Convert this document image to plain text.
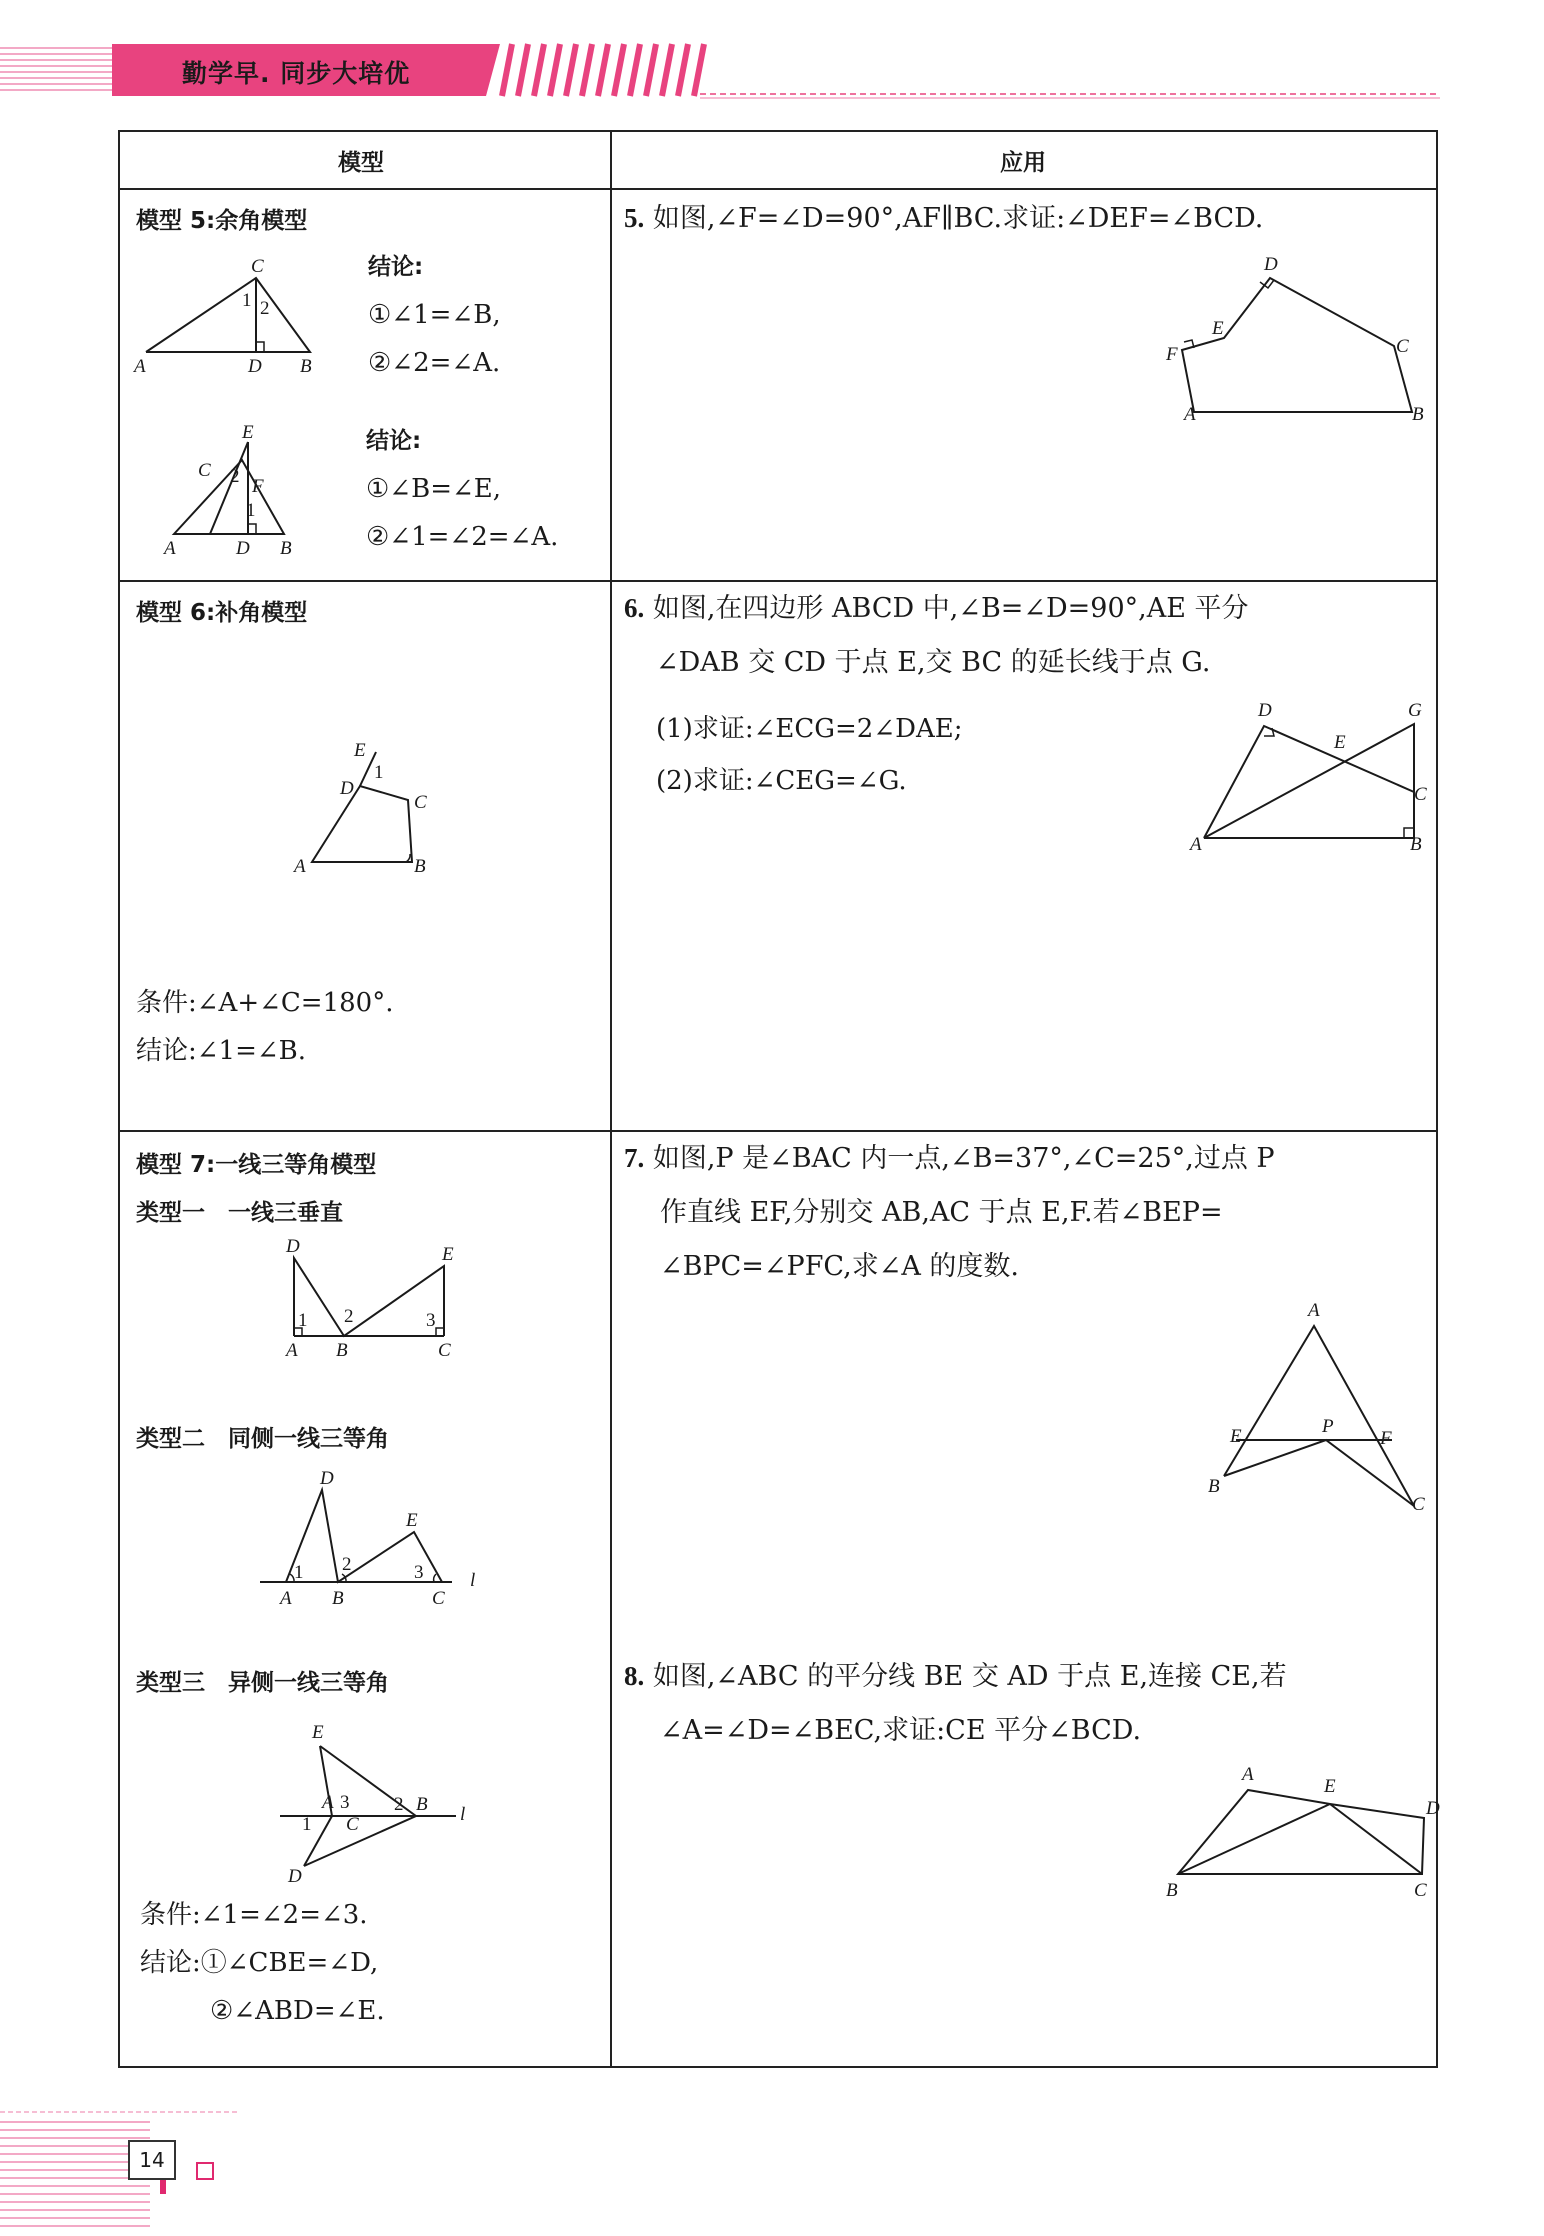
勤学早. 同步大培优
模型	应用
模型 5:余角模型
C
A	D B
1 2
结论:
①∠1=∠B,
②∠2=∠A.
E
C
F
A	D B
2
1
结论:
①∠B=∠E,
②∠1=∠2=∠A.
5. 如图,∠F=∠D=90°,AF∥BC.求证:∠DEF=∠BCD.
D
E
F
A	B
C
模型 6:补角模型
E
D
1
C
A	B
条件:∠A+∠C=180°.
结论:∠1=∠B.
6. 如图,在四边形 ABCD 中,∠B=∠D=90°,AE 平分
∠DAB 交 CD 于点 E,交 BC 的延长线于点 G.
(1)求证:∠ECG=2∠DAE;
(2)求证:∠CEG=∠G.
D	G
E
C
A	B
模型 7:一线三等角模型
类型一　一线三垂直
D	E
A B	C
1 2	3
类型二　同侧一线三等角
D
E
A B	C
l
1 2	3
类型三　异侧一线三等角
E
A
C
B l
D
3
1
2
条件:∠1=∠2=∠3.
结论:①∠CBE=∠D,
②∠ABD=∠E.
7. 如图,P 是∠BAC 内一点,∠B=37°,∠C=25°,过点 P
作直线 EF,分别交 AB,AC 于点 E,F.若∠BEP=
∠BPC=∠PFC,求∠A 的度数.
A
E	P
F
B
C
8. 如图,∠ABC 的平分线 BE 交 AD 于点 E,连接 CE,若
∠A=∠D=∠BEC,求证:CE 平分∠BCD.
A
E
D
B	C
14
